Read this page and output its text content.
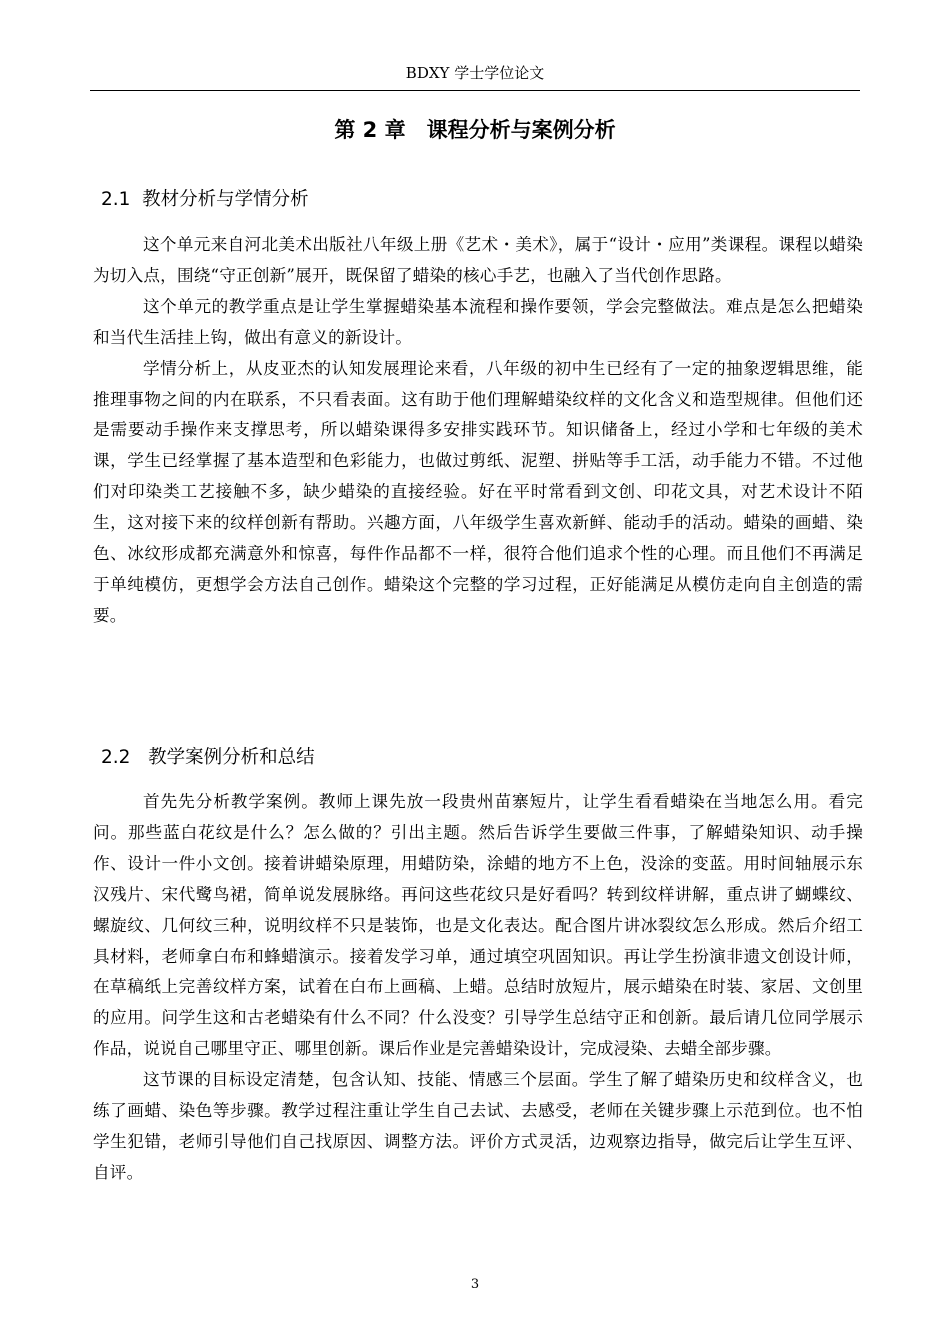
BDXY 学士学位论文
第 2 章　课程分析与案例分析
2.1  教材分析与学情分析

这个单元来自河北美术出版社八年级上册《艺术・美术》，属于“设计・应用”类课程。课程以蜡染为切入点，围绕“守正创新”展开，既保留了蜡染的核心手艺，也融入了当代创作思路。

这个单元的教学重点是让学生掌握蜡染基本流程和操作要领，学会完整做法。难点是怎么把蜡染和当代生活挂上钩，做出有意义的新设计。

学情分析上，从皮亚杰的认知发展理论来看，八年级的初中生已经有了一定的抽象逻辑思维，能推理事物之间的内在联系，不只看表面。这有助于他们理解蜡染纹样的文化含义和造型规律。但他们还是需要动手操作来支撑思考，所以蜡染课得多安排实践环节。知识储备上，经过小学和七年级的美术课，学生已经掌握了基本造型和色彩能力，也做过剪纸、泥塑、拼贴等手工活，动手能力不错。不过他们对印染类工艺接触不多，缺少蜡染的直接经验。好在平时常看到文创、印花文具，对艺术设计不陌生，这对接下来的纹样创新有帮助。兴趣方面，八年级学生喜欢新鲜、能动手的活动。蜡染的画蜡、染色、冰纹形成都充满意外和惊喜，每件作品都不一样，很符合他们追求个性的心理。而且他们不再满足于单纯模仿，更想学会方法自己创作。蜡染这个完整的学习过程，正好能满足从模仿走向自主创造的需要。

2.2   教学案例分析和总结

首先先分析教学案例。教师上课先放一段贵州苗寨短片，让学生看看蜡染在当地怎么用。看完问。那些蓝白花纹是什么？怎么做的？引出主题。然后告诉学生要做三件事，了解蜡染知识、动手操作、设计一件小文创。接着讲蜡染原理，用蜡防染，涂蜡的地方不上色，没涂的变蓝。用时间轴展示东汉残片、宋代鹭鸟裙，简单说发展脉络。再问这些花纹只是好看吗？转到纹样讲解，重点讲了蝴蝶纹、螺旋纹、几何纹三种，说明纹样不只是装饰，也是文化表达。配合图片讲冰裂纹怎么形成。然后介绍工具材料，老师拿白布和蜂蜡演示。接着发学习单，通过填空巩固知识。再让学生扮演非遗文创设计师，在草稿纸上完善纹样方案，试着在白布上画稿、上蜡。总结时放短片，展示蜡染在时装、家居、文创里的应用。问学生这和古老蜡染有什么不同？什么没变？引导学生总结守正和创新。最后请几位同学展示作品，说说自己哪里守正、哪里创新。课后作业是完善蜡染设计，完成浸染、去蜡全部步骤。

这节课的目标设定清楚，包含认知、技能、情感三个层面。学生了解了蜡染历史和纹样含义，也练了画蜡、染色等步骤。教学过程注重让学生自己去试、去感受，老师在关键步骤上示范到位。也不怕学生犯错，老师引导他们自己找原因、调整方法。评价方式灵活，边观察边指导，做完后让学生互评、自评。

3
